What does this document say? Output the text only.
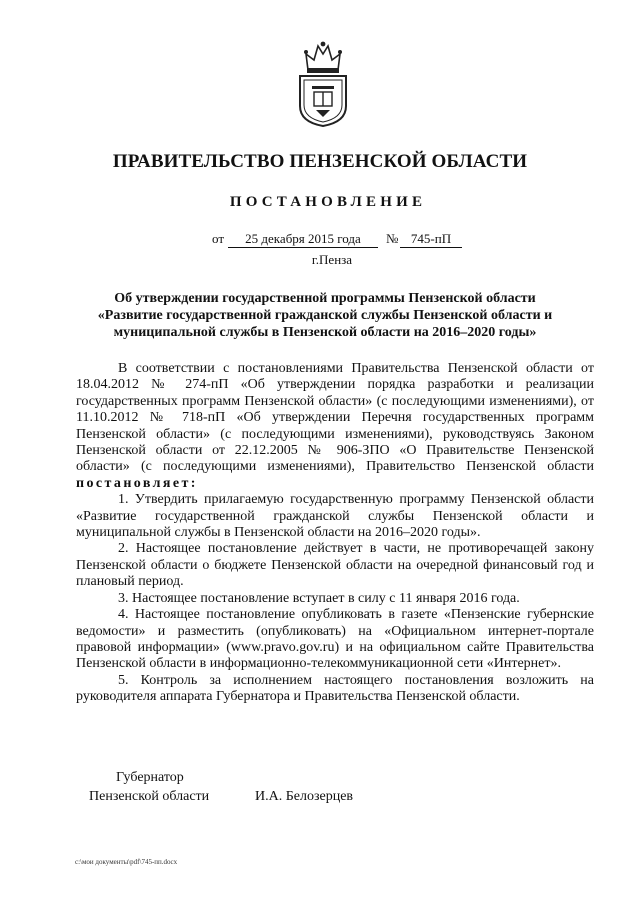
ПРАВИТЕЛЬСТВО ПЕНЗЕНСКОЙ ОБЛАСТИ
ПОСТАНОВЛЕНИЕ
от	25 декабря 2015 года	№ 745-пП
г.Пенза
Об утверждении государственной программы Пензенской области
«Развитие государственной гражданской службы Пензенской области и
муниципальной службы в Пензенской области на 2016–2020 годы»

В соответствии с постановлениями Правительства Пензенской области от 18.04.2012 № 274-пП «Об утверждении порядка разработки и реализации государственных программ Пензенской области» (с последующими изменениями), от 11.10.2012 № 718-пП «Об утверждении Перечня государственных программ Пензенской области» (с последующими изменениями), руководствуясь Законом Пензенской области от 22.12.2005 № 906-ЗПО «О Правительстве Пензенской области» (с последующими изменениями), Правительство Пензенской области постановляет:

1. Утвердить прилагаемую государственную программу Пензенской области «Развитие государственной гражданской службы Пензенской области и муниципальной службы в Пензенской области на 2016–2020 годы».

2. Настоящее постановление действует в части, не противоречащей закону Пензенской области о бюджете Пензенской области на очередной финансовый год и плановый период.

3. Настоящее постановление вступает в силу с 11 января 2016 года.

4. Настоящее постановление опубликовать в газете «Пензенские губернские ведомости» и разместить (опубликовать) на «Официальном интернет-портале правовой информации» (www.pravo.gov.ru) и на официальном сайте Правительства Пензенской области в информационно-телекоммуникационной сети «Интернет».

5. Контроль за исполнением настоящего постановления возложить на руководителя аппарата Губернатора и Правительства Пензенской области.

Губернатор
Пензенской области	И.А. Белозерцев
c:\мои документы\pdf\745-пп.docx
